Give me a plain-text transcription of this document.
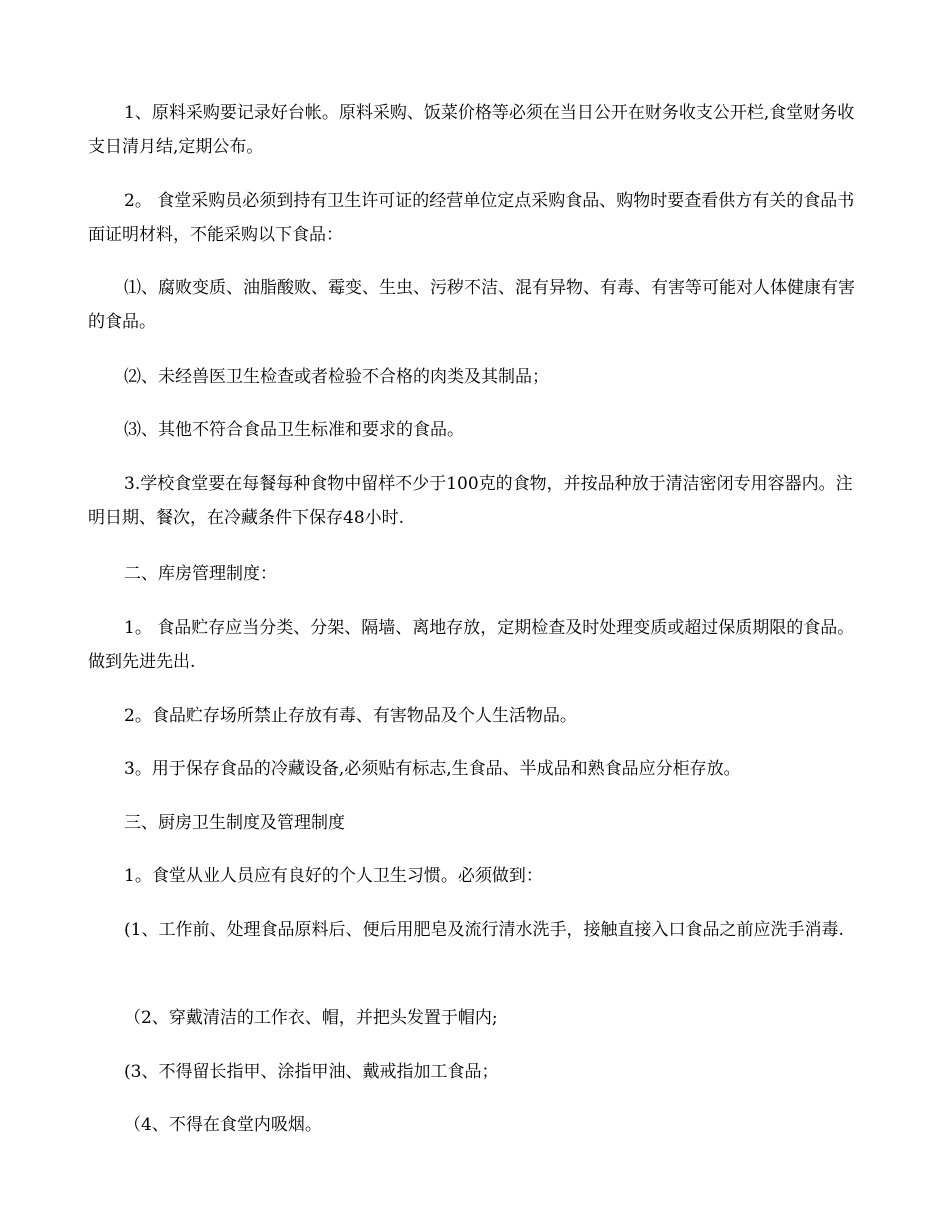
1、原料采购要记录好台帐。原料采购、饭菜价格等必须在当日公开在财务收支公开栏,食堂财务收支日清月结,定期公布。

2。 食堂采购员必须到持有卫生许可证的经营单位定点采购食品、购物时要查看供方有关的食品书面证明材料，不能采购以下食品：

⑴、腐败变质、油脂酸败、霉变、生虫、污秽不洁、混有异物、有毒、有害等可能对人体健康有害的食品。

⑵、未经兽医卫生检查或者检验不合格的肉类及其制品；

⑶、其他不符合食品卫生标准和要求的食品。

3.学校食堂要在每餐每种食物中留样不少于100克的食物，并按品种放于清洁密闭专用容器内。注明日期、餐次，在冷藏条件下保存48小时.

二、库房管理制度：

1。 食品贮存应当分类、分架、隔墙、离地存放，定期检查及时处理变质或超过保质期限的食品。做到先进先出.

2。食品贮存场所禁止存放有毒、有害物品及个人生活物品。

3。用于保存食品的冷藏设备,必须贴有标志,生食品、半成品和熟食品应分柜存放。

三、厨房卫生制度及管理制度

1。食堂从业人员应有良好的个人卫生习惯。必须做到：

(1、工作前、处理食品原料后、便后用肥皂及流行清水洗手，接触直接入口食品之前应洗手消毒.

（2、穿戴清洁的工作衣、帽，并把头发置于帽内;

(3、不得留长指甲、涂指甲油、戴戒指加工食品；

（4、不得在食堂内吸烟。
